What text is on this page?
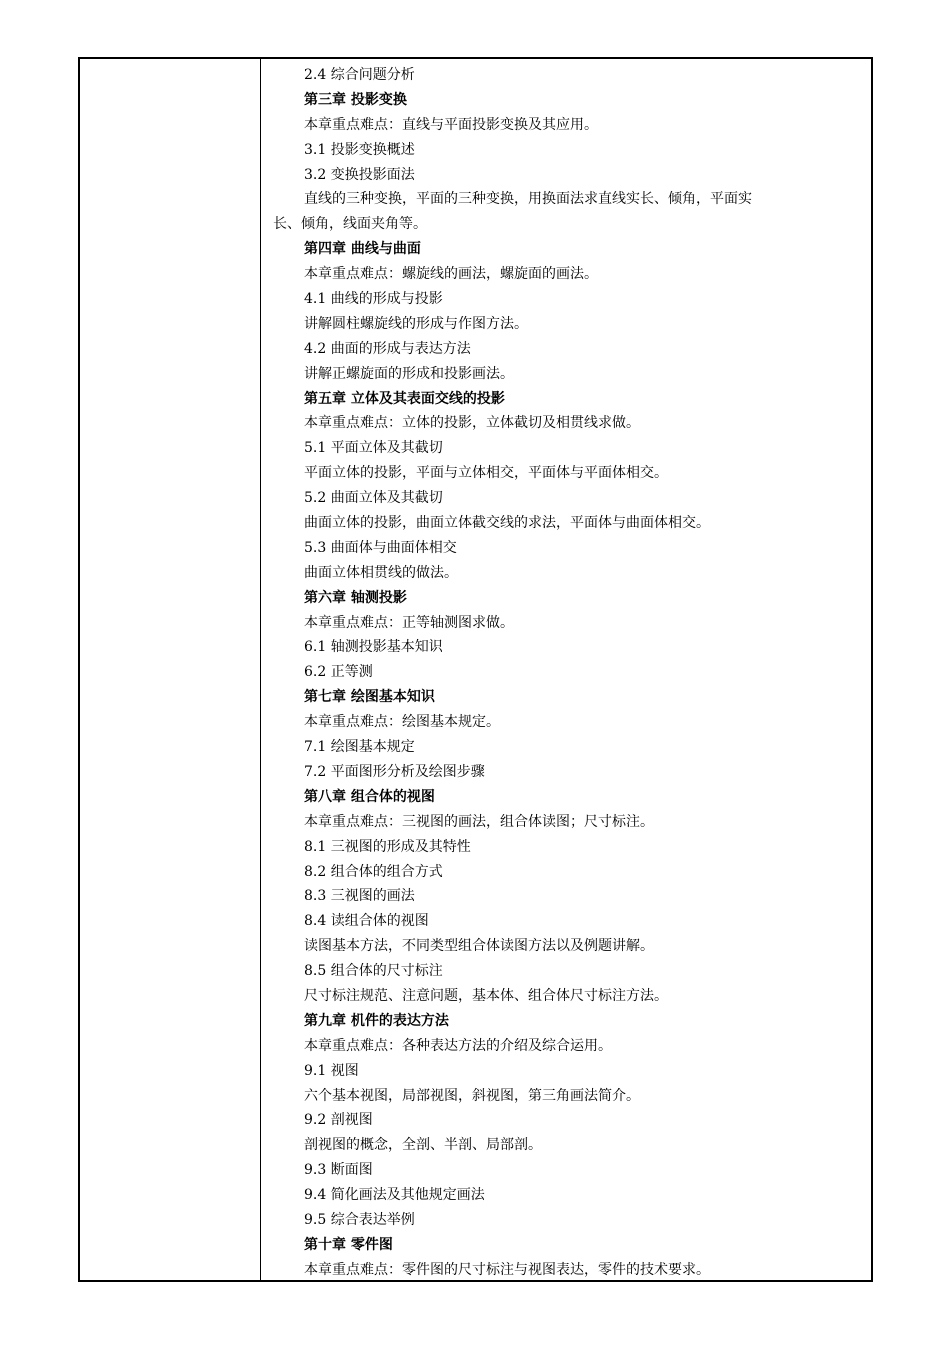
2.4 综合问题分析
第三章 投影变换
本章重点难点：直线与平面投影变换及其应用。
3.1 投影变换概述
3.2 变换投影面法
直线的三种变换，平面的三种变换，用换面法求直线实长、倾角，平面实
长、倾角，线面夹角等。
第四章 曲线与曲面
本章重点难点：螺旋线的画法，螺旋面的画法。
4.1 曲线的形成与投影
讲解圆柱螺旋线的形成与作图方法。
4.2 曲面的形成与表达方法
讲解正螺旋面的形成和投影画法。
第五章 立体及其表面交线的投影
本章重点难点：立体的投影，立体截切及相贯线求做。
5.1 平面立体及其截切
平面立体的投影，平面与立体相交，平面体与平面体相交。
5.2 曲面立体及其截切
曲面立体的投影，曲面立体截交线的求法，平面体与曲面体相交。
5.3 曲面体与曲面体相交
曲面立体相贯线的做法。
第六章 轴测投影
本章重点难点：正等轴测图求做。
6.1 轴测投影基本知识
6.2 正等测
第七章 绘图基本知识
本章重点难点：绘图基本规定。
7.1 绘图基本规定
7.2 平面图形分析及绘图步骤
第八章 组合体的视图
本章重点难点：三视图的画法，组合体读图；尺寸标注。
8.1 三视图的形成及其特性
8.2 组合体的组合方式
8.3 三视图的画法
8.4 读组合体的视图
读图基本方法，不同类型组合体读图方法以及例题讲解。
8.5 组合体的尺寸标注
尺寸标注规范、注意问题，基本体、组合体尺寸标注方法。
第九章 机件的表达方法
本章重点难点：各种表达方法的介绍及综合运用。
9.1 视图
六个基本视图，局部视图，斜视图，第三角画法简介。
9.2 剖视图
剖视图的概念，全剖、半剖、局部剖。
9.3 断面图
9.4 简化画法及其他规定画法
9.5 综合表达举例
第十章 零件图
本章重点难点：零件图的尺寸标注与视图表达，零件的技术要求。
